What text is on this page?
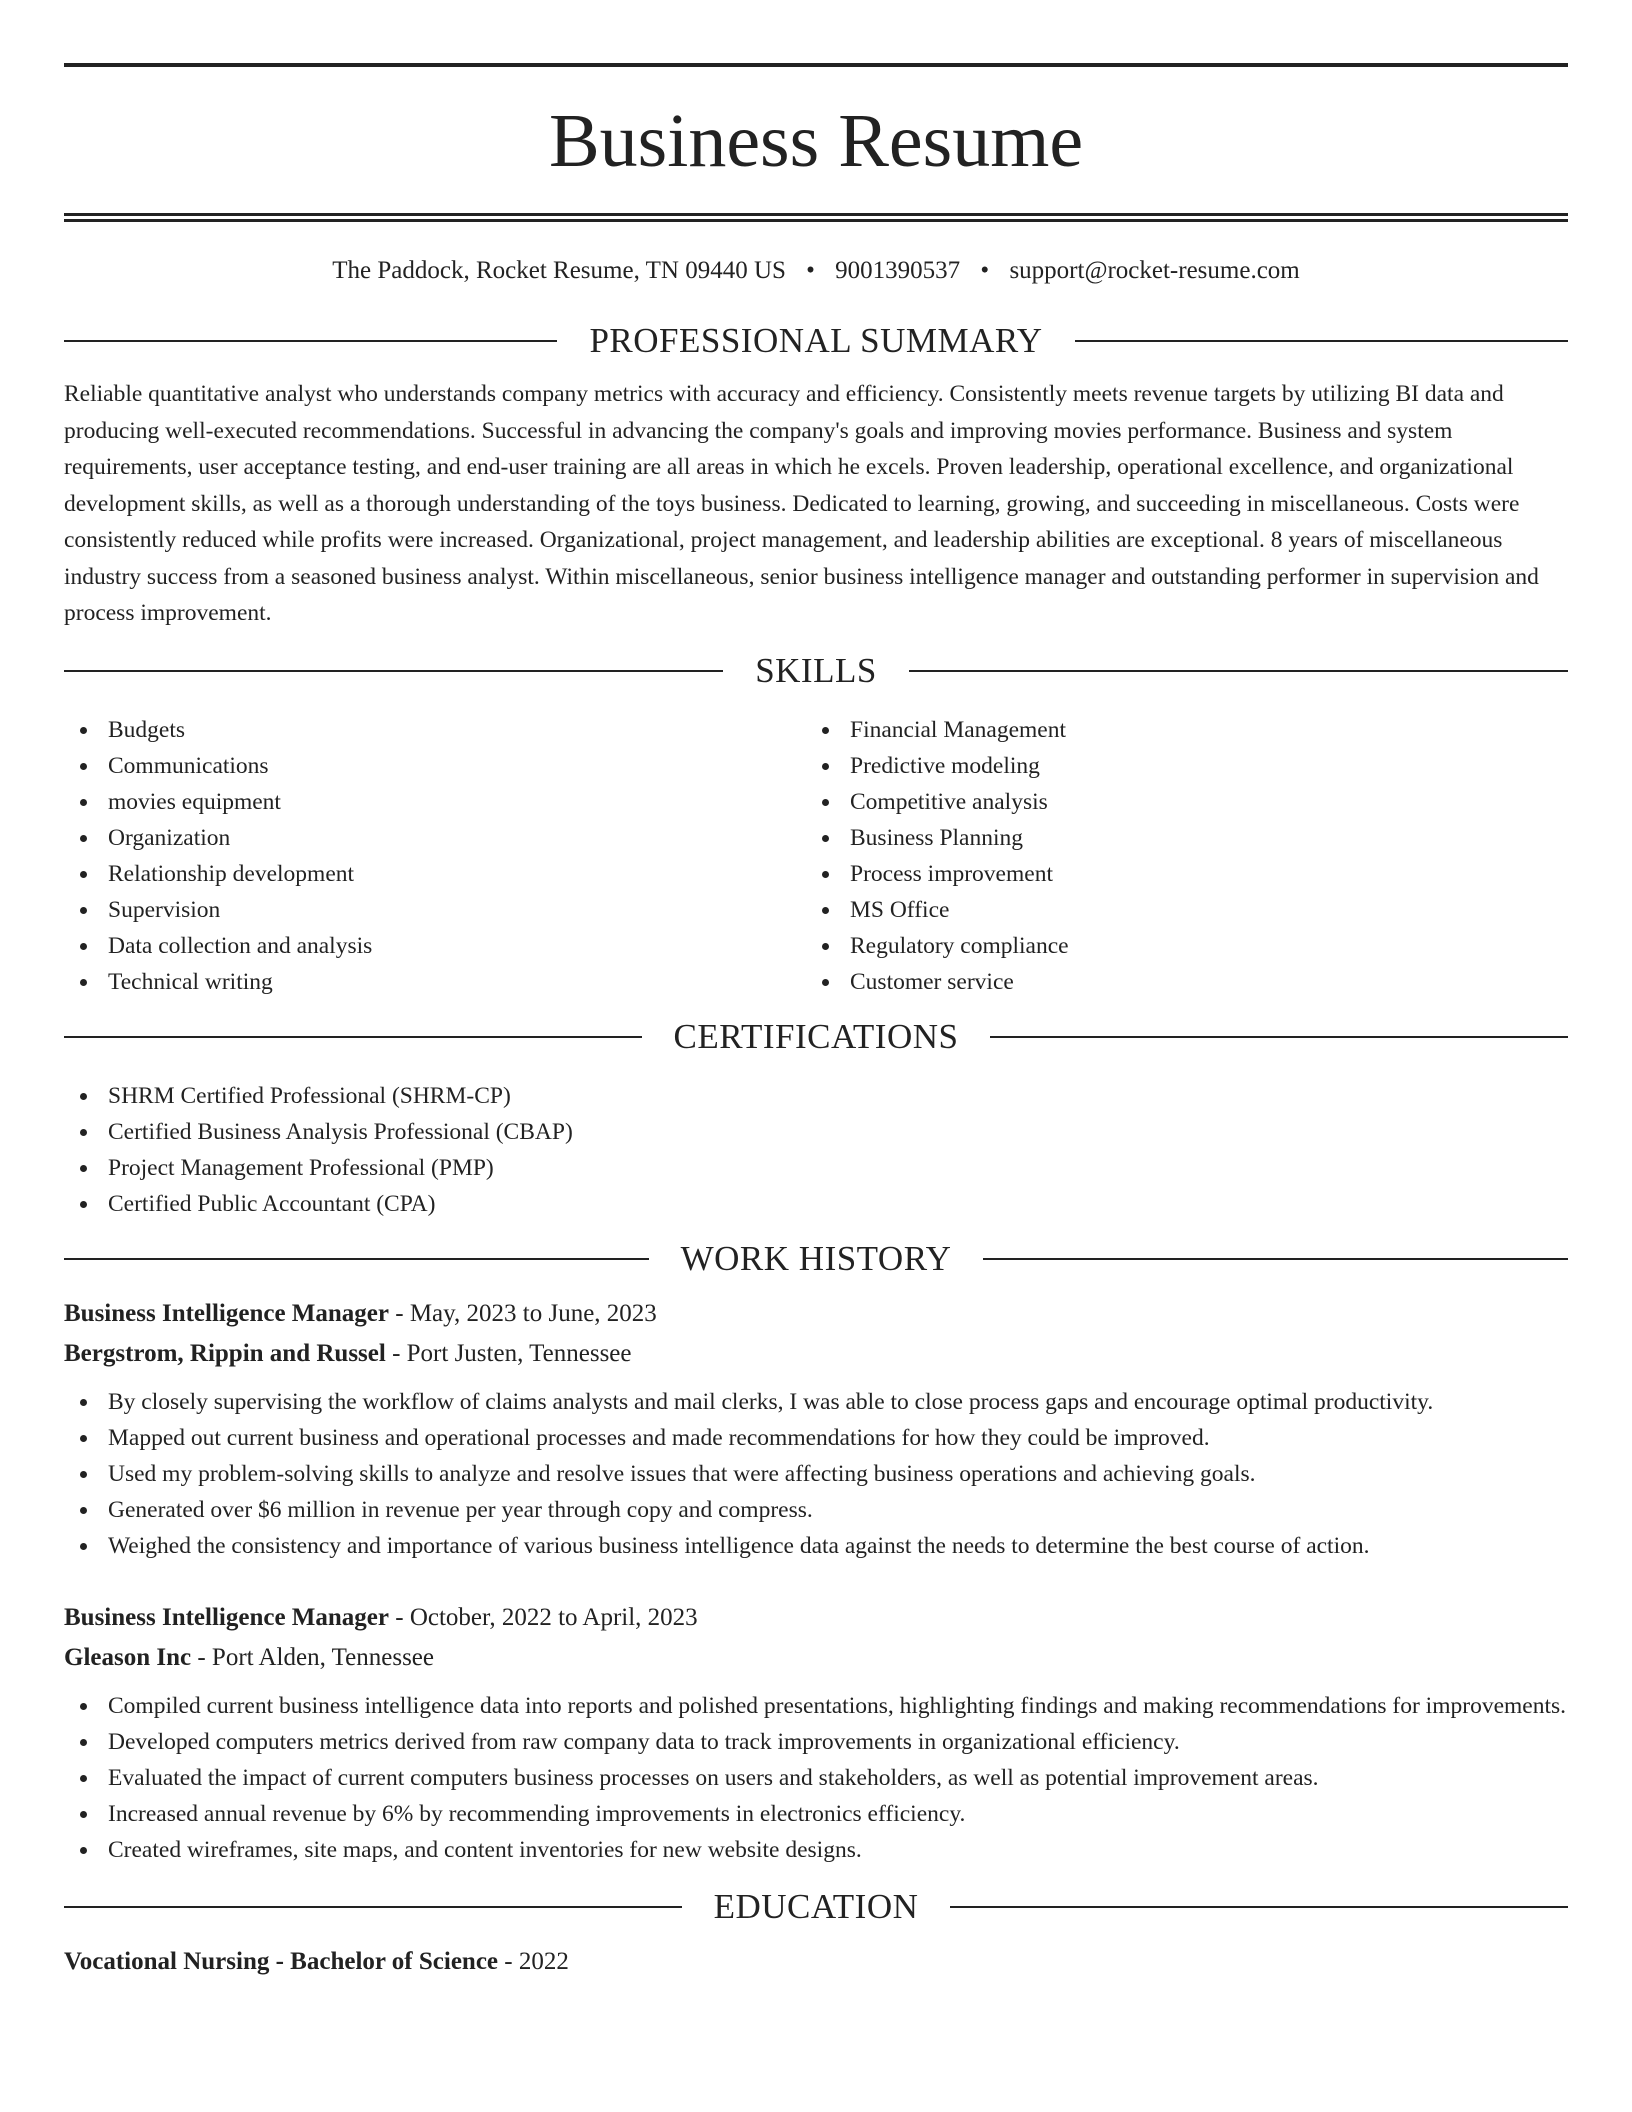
Business Resume
The Paddock, Rocket Resume, TN 09440 US • 9001390537 • support@rocket-resume.com
PROFESSIONAL SUMMARY

Reliable quantitative analyst who understands company metrics with accuracy and efficiency. Consistently meets revenue targets by utilizing BI data and producing well-executed recommendations. Successful in advancing the company's goals and improving movies performance. Business and system requirements, user acceptance testing, and end-user training are all areas in which he excels. Proven leadership, operational excellence, and organizational development skills, as well as a thorough understanding of the toys business. Dedicated to learning, growing, and succeeding in miscellaneous. Costs were consistently reduced while profits were increased. Organizational, project management, and leadership abilities are exceptional. 8 years of miscellaneous industry success from a seasoned business analyst. Within miscellaneous, senior business intelligence manager and outstanding performer in supervision and process improvement.

SKILLS
Budgets
Communications
movies equipment
Organization
Relationship development
Supervision
Data collection and analysis
Technical writing
Financial Management
Predictive modeling
Competitive analysis
Business Planning
Process improvement
MS Office
Regulatory compliance
Customer service
CERTIFICATIONS
SHRM Certified Professional (SHRM-CP)
Certified Business Analysis Professional (CBAP)
Project Management Professional (PMP)
Certified Public Accountant (CPA)
WORK HISTORY
Business Intelligence Manager - May, 2023 to June, 2023
Bergstrom, Rippin and Russel - Port Justen, Tennessee
By closely supervising the workflow of claims analysts and mail clerks, I was able to close process gaps and encourage optimal productivity.
Mapped out current business and operational processes and made recommendations for how they could be improved.
Used my problem-solving skills to analyze and resolve issues that were affecting business operations and achieving goals.
Generated over $6 million in revenue per year through copy and compress.
Weighed the consistency and importance of various business intelligence data against the needs to determine the best course of action.
Business Intelligence Manager - October, 2022 to April, 2023
Gleason Inc - Port Alden, Tennessee
Compiled current business intelligence data into reports and polished presentations, highlighting findings and making recommendations for improvements.
Developed computers metrics derived from raw company data to track improvements in organizational efficiency.
Evaluated the impact of current computers business processes on users and stakeholders, as well as potential improvement areas.
Increased annual revenue by 6% by recommending improvements in electronics efficiency.
Created wireframes, site maps, and content inventories for new website designs.
EDUCATION
Vocational Nursing - Bachelor of Science - 2022
